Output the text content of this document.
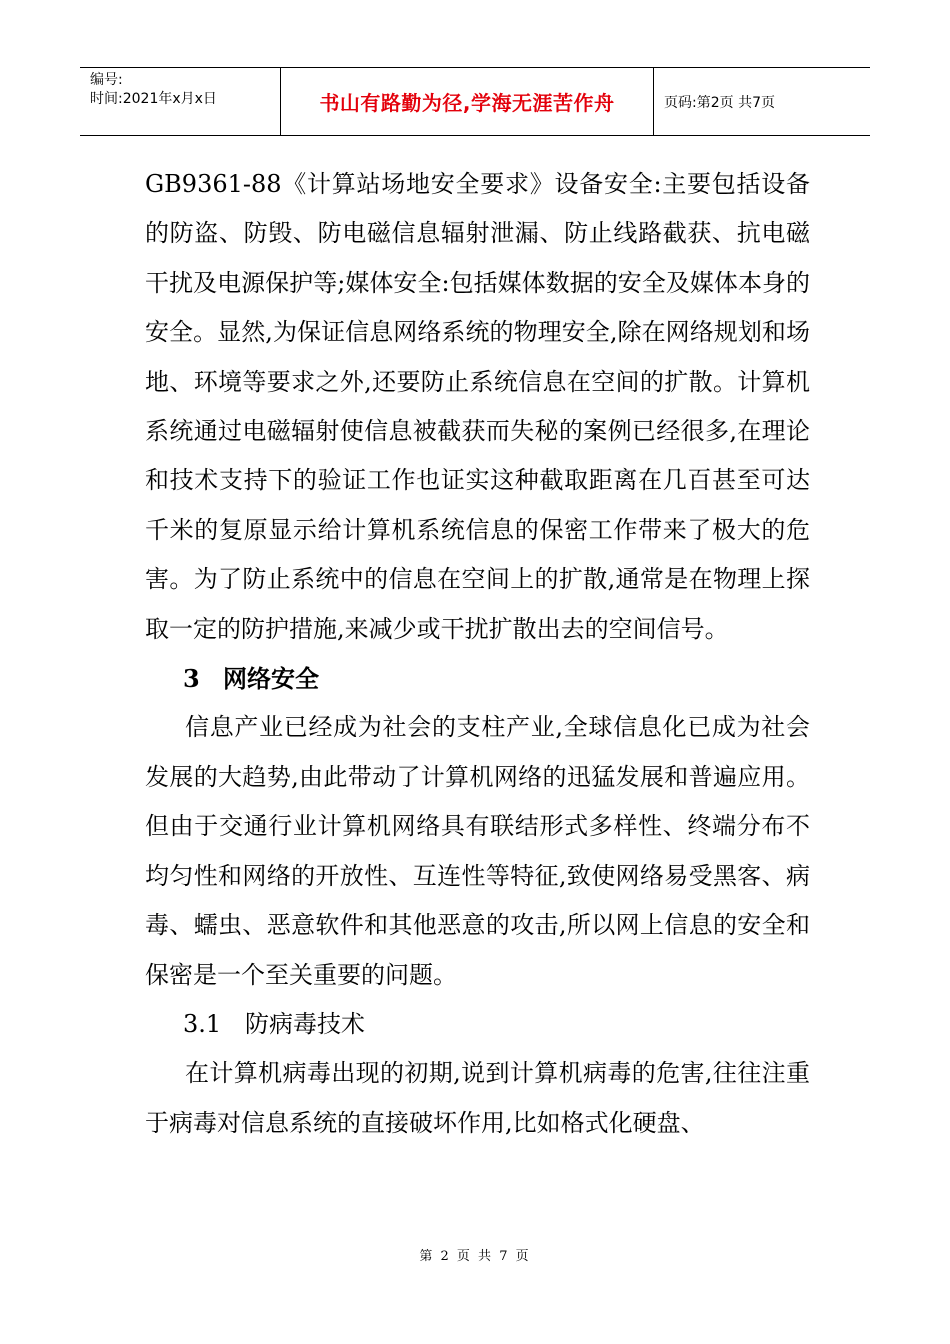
编号:
时间:2021年x月x日	书山有路勤为径,学海无涯苦作舟	页码:第2页 共7页

GB9361-88《计算站场地安全要求》设备安全:主要包括设备的防盗、防毁、防电磁信息辐射泄漏、防止线路截获、抗电磁干扰及电源保护等;媒体安全:包括媒体数据的安全及媒体本身的安全。显然,为保证信息网络系统的物理安全,除在网络规划和场地、环境等要求之外,还要防止系统信息在空间的扩散。计算机系统通过电磁辐射使信息被截获而失秘的案例已经很多,在理论和技术支持下的验证工作也证实这种截取距离在几百甚至可达千米的复原显示给计算机系统信息的保密工作带来了极大的危害。为了防止系统中的信息在空间上的扩散,通常是在物理上探取一定的防护措施,来减少或干扰扩散出去的空间信号。

3 网络安全

信息产业已经成为社会的支柱产业,全球信息化已成为社会发展的大趋势,由此带动了计算机网络的迅猛发展和普遍应用。但由于交通行业计算机网络具有联结形式多样性、终端分布不均匀性和网络的开放性、互连性等特征,致使网络易受黑客、病毒、蠕虫、恶意软件和其他恶意的攻击,所以网上信息的安全和保密是一个至关重要的问题。

3.1 防病毒技术

在计算机病毒出现的初期,说到计算机病毒的危害,往往注重于病毒对信息系统的直接破坏作用,比如格式化硬盘、

第 2 页 共 7 页
